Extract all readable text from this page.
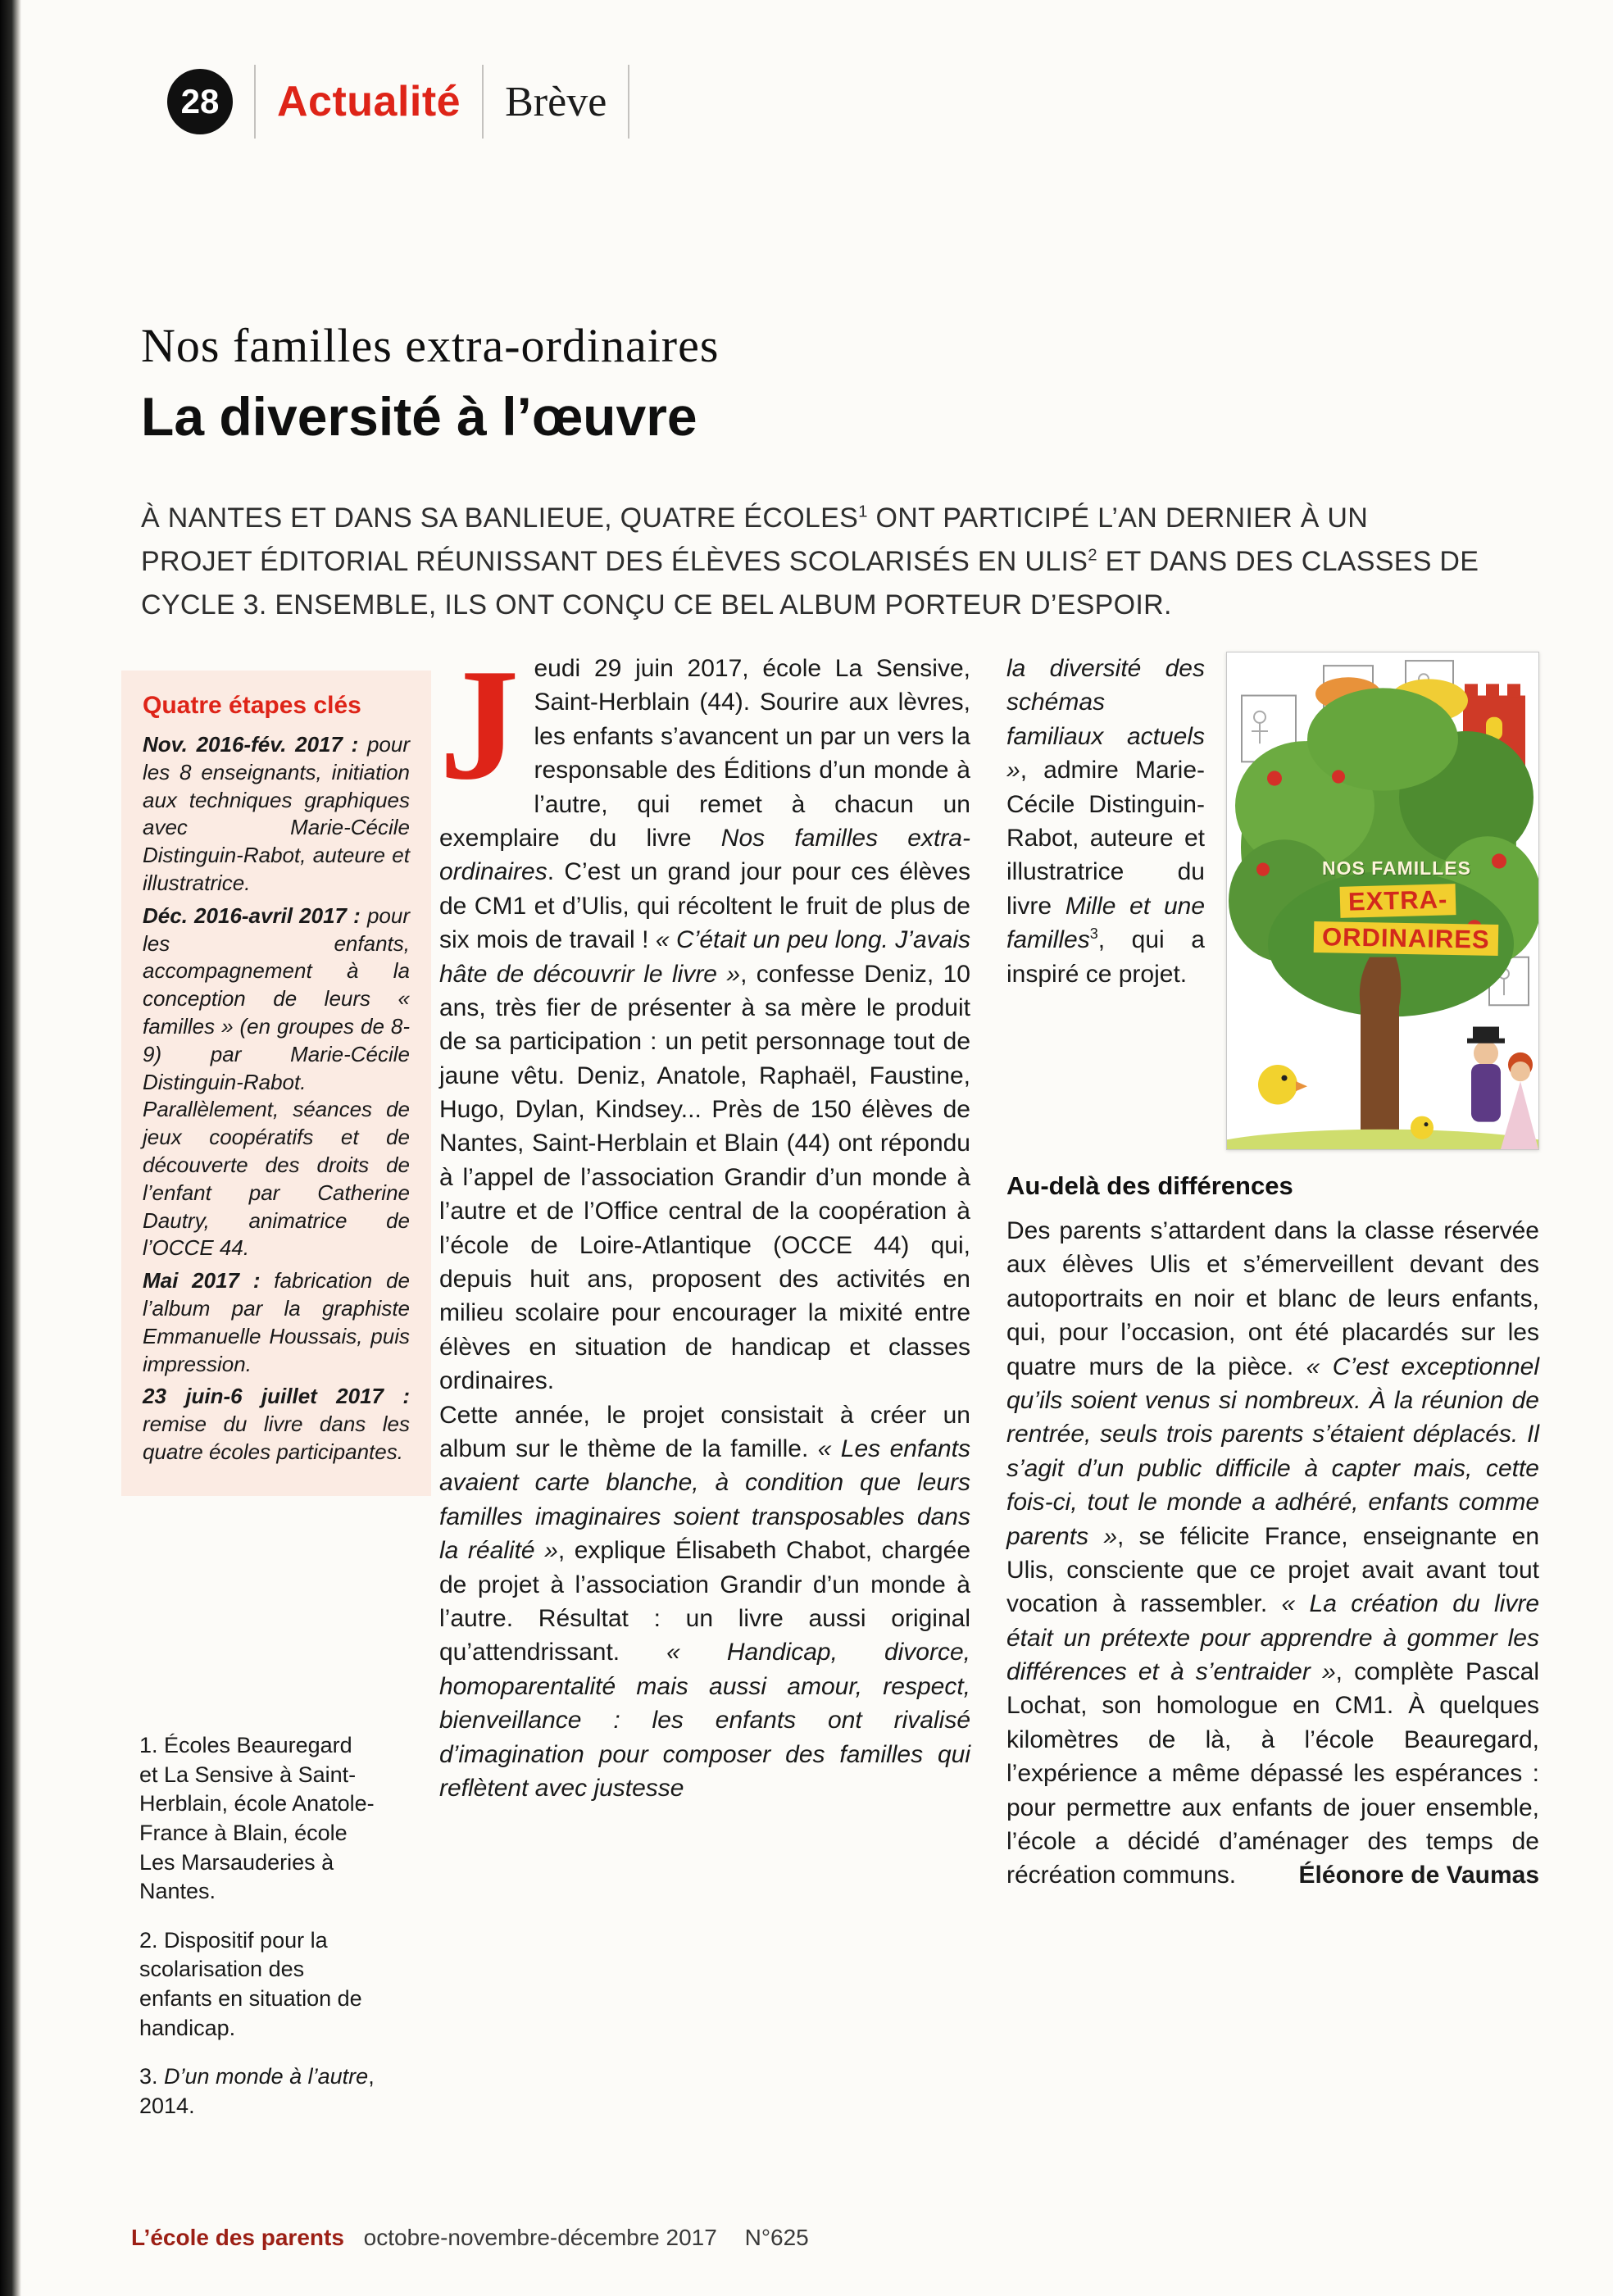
28 Actualité Brève
Nos familles extra-ordinaires
La diversité à l’œuvre

À NANTES ET DANS SA BANLIEUE, QUATRE ÉCOLES$^1$ ONT PARTICIPÉ L’AN DERNIER À UN PROJET ÉDITORIAL RÉUNISSANT DES ÉLÈVES SCOLARISÉS EN ULIS$^2$ ET DANS DES CLASSES DE CYCLE 3. ENSEMBLE, ILS ONT CONÇU CE BEL ALBUM PORTEUR D’ESPOIR.

Quatre étapes clés

Nov. 2016-fév. 2017 : pour les 8 enseignants, initiation aux techniques graphiques avec Marie-Cécile Distinguin-Rabot, auteure et illustratrice.

Déc. 2016-avril 2017 : pour les enfants, accompagnement à la conception de leurs « familles » (en groupes de 8-9) par Marie-Cécile Distinguin-Rabot. Parallèlement, séances de jeux coopératifs et de découverte des droits de l’enfant par Catherine Dautry, animatrice de l’OCCE 44.

Mai 2017 : fabrication de l’album par la graphiste Emmanuelle Houssais, puis impression.

23 juin-6 juillet 2017 : remise du livre dans les quatre écoles participantes.

1. Écoles Beauregard et La Sensive à Saint-Herblain, école Anatole-France à Blain, école Les Marsauderies à Nantes.

2. Dispositif pour la scolarisation des enfants en situation de handicap.

3. D’un monde à l’autre, 2014.

Jeudi 29 juin 2017, école La Sensive, Saint-Herblain (44). Sourire aux lèvres, les enfants s’avancent un par un vers la responsable des Éditions d’un monde à l’autre, qui remet à chacun un exemplaire du livre Nos familles extra-ordinaires. C’est un grand jour pour ces élèves de CM1 et d’Ulis, qui récoltent le fruit de plus de six mois de travail ! « C’était un peu long. J’avais hâte de découvrir le livre », confesse Deniz, 10 ans, très fier de présenter à sa mère le produit de sa participation : un petit personnage tout de jaune vêtu. Deniz, Anatole, Raphaël, Faustine, Hugo, Dylan, Kindsey... Près de 150 élèves de Nantes, Saint-Herblain et Blain (44) ont répondu à l’appel de l’association Grandir d’un monde à l’autre et de l’Office central de la coopération à l’école de Loire-Atlantique (OCCE 44) qui, depuis huit ans, proposent des activités en milieu scolaire pour encourager la mixité entre élèves en situation de handicap et classes ordinaires.

Cette année, le projet consistait à créer un album sur le thème de la famille. « Les enfants avaient carte blanche, à condition que leurs familles imaginaires soient transposables dans la réalité », explique Élisabeth Chabot, chargée de projet à l’association Grandir d’un monde à l’autre. Résultat : un livre aussi original qu’attendrissant. « Handicap, divorce, homoparentalité mais aussi amour, respect, bienveillance : les enfants ont rivalisé d’imagination pour composer des familles qui reflètent avec justesse

NOS FAMILLES
EXTRA-
ORDINAIRES

la diversité des schémas familiaux actuels », admire Marie-Cécile Distinguin-Rabot, auteure et illustratrice du livre Mille et une familles$^3$, qui a inspiré ce projet.

Au-delà des différences

Des parents s’attardent dans la classe réservée aux élèves Ulis et s’émerveillent devant des autoportraits en noir et blanc de leurs enfants, qui, pour l’occasion, ont été placardés sur les quatre murs de la pièce. « C’est exceptionnel qu’ils soient venus si nombreux. À la réunion de rentrée, seuls trois parents s’étaient déplacés. Il s’agit d’un public difficile à capter mais, cette fois-ci, tout le monde a adhéré, enfants comme parents », se félicite France, enseignante en Ulis, consciente que ce projet avait avant tout vocation à rassembler. « La création du livre était un prétexte pour apprendre à gommer les différences et à s’entraider », complète Pascal Lochat, son homologue en CM1. À quelques kilomètres de là, à l’école Beauregard, l’expérience a même dépassé les espérances : pour permettre aux enfants de jouer ensemble, l’école a décidé d’aménager des temps de récréation communs.	Éléonore de Vaumas

L’école des parents octobre-novembre-décembre 2017 N°625
